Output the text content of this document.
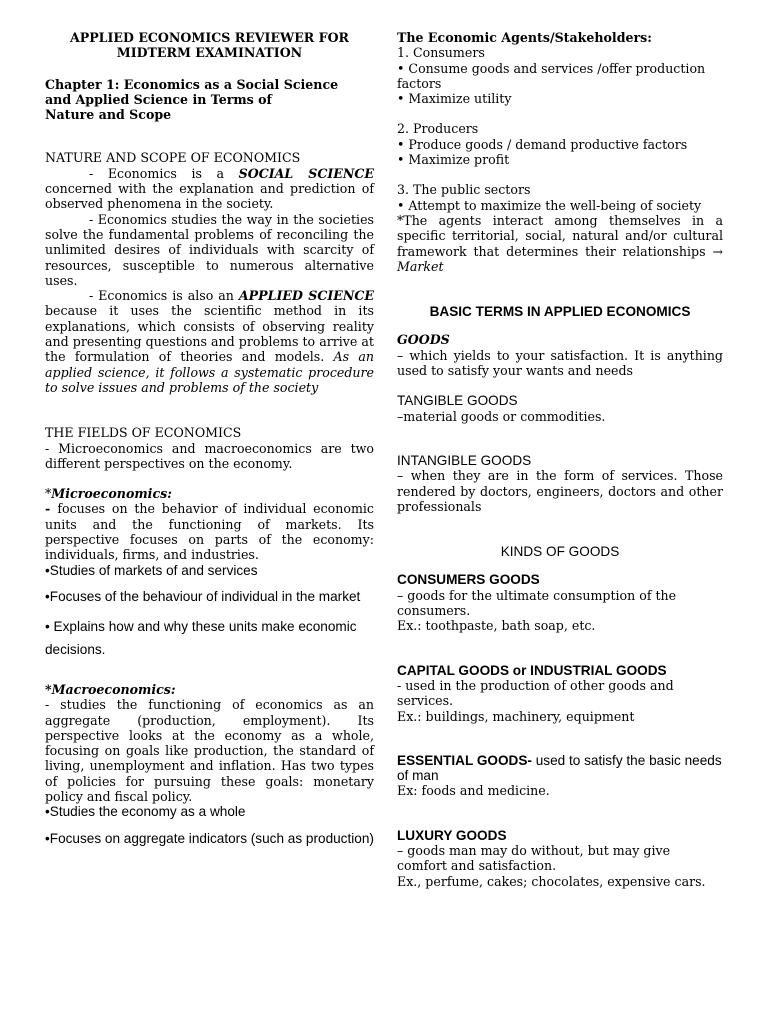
APPLIED ECONOMICS REVIEWER FOR
MIDTERM EXAMINATION

Chapter 1: Economics as a Social Science
and Applied Science in Terms of
Nature and Scope

NATURE AND SCOPE OF ECONOMICS

- Economics is a SOCIAL SCIENCE concerned with the explanation and prediction of observed phenomena in the society.

- Economics studies the way in the societies solve the fundamental problems of reconciling the unlimited desires of individuals with scarcity of resources, susceptible to numerous alternative uses.

- Economics is also an APPLIED SCIENCE because it uses the scientific method in its explanations, which consists of observing reality and presenting questions and problems to arrive at the formulation of theories and models. As an applied science, it follows a systematic procedure to solve issues and problems of the society

THE FIELDS OF ECONOMICS

- Microeconomics and macroeconomics are two different perspectives on the economy.

*Microeconomics:

- focuses on the behavior of individual economic units and the functioning of markets. Its perspective focuses on parts of the economy: individuals, firms, and industries.

•Studies of markets of and services

•Focuses of the behaviour of individual in the market

• Explains how and why these units make economic decisions.

*Macroeconomics:

- studies the functioning of economics as an aggregate (production, employment). Its perspective looks at the economy as a whole, focusing on goals like production, the standard of living, unemployment and inflation. Has two types of policies for pursuing these goals: monetary policy and fiscal policy.

•Studies the economy as a whole

•Focuses on aggregate indicators (such as production)

The Economic Agents/Stakeholders:

1. Consumers

• Consume goods and services /offer production factors

• Maximize utility

2. Producers

• Produce goods / demand productive factors

• Maximize profit

3. The public sectors

• Attempt to maximize the well-being of society

*The agents interact among themselves in a specific territorial, social, natural and/or cultural framework that determines their relationships → Market

BASIC TERMS IN APPLIED ECONOMICS

GOODS

– which yields to your satisfaction. It is anything used to satisfy your wants and needs

TANGIBLE GOODS

–material goods or commodities.

INTANGIBLE GOODS

– when they are in the form of services. Those rendered by doctors, engineers, doctors and other professionals

KINDS OF GOODS

CONSUMERS GOODS

– goods for the ultimate consumption of the consumers.

Ex.: toothpaste, bath soap, etc.

CAPITAL GOODS or INDUSTRIAL GOODS

- used in the production of other goods and services.

Ex.: buildings, machinery, equipment

ESSENTIAL GOODS- used to satisfy the basic needs of man

Ex: foods and medicine.

LUXURY GOODS

– goods man may do without, but may give comfort and satisfaction.

Ex., perfume, cakes; chocolates, expensive cars.
